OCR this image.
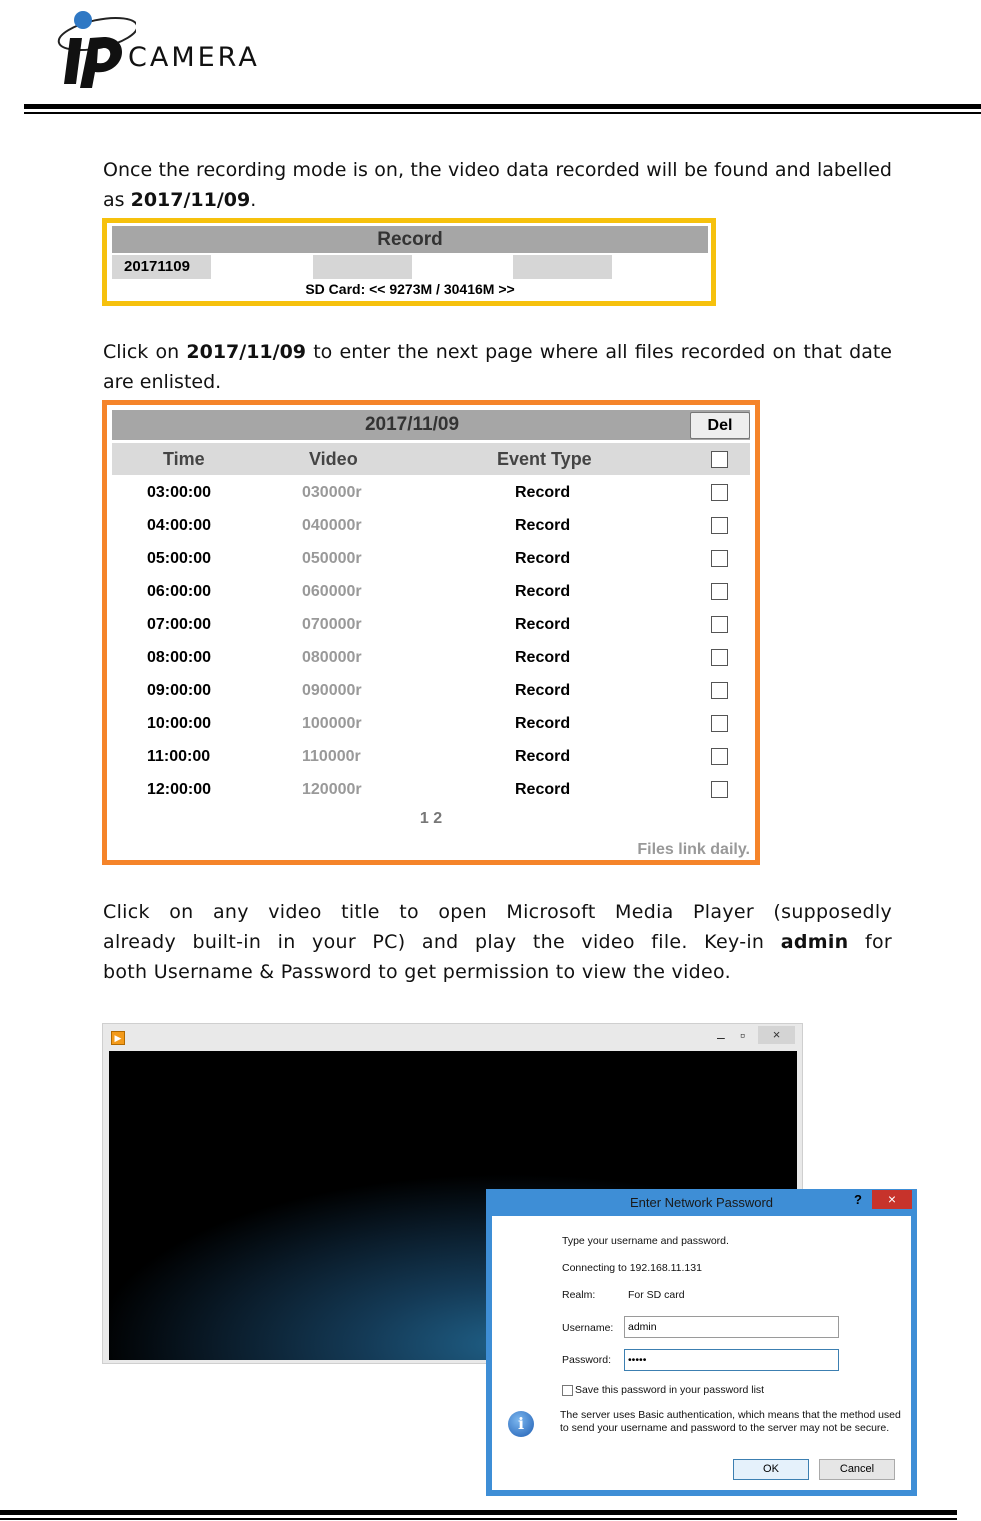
CAMERA
Once the recording mode is on, the video data recorded will be found and labelled as 2017/11/09.
Record
20171109
SD Card: << 9273M / 30416M >>
Click on 2017/11/09 to enter the next page where all files recorded on that date are enlisted.
2017/11/09	Del
Time	Video	Event Type
03:00:00	030000r	Record
04:00:00	040000r	Record
05:00:00	050000r	Record
06:00:00	060000r	Record
07:00:00	070000r	Record
08:00:00	080000r	Record
09:00:00	090000r	Record
10:00:00	100000r	Record
11:00:00	110000r	Record
12:00:00	120000r	Record
1 2
Files link daily.
Click on any video title to open Microsoft Media Player (supposedly
already built-in in your PC) and play the video file. Key-in admin for
both Username & Password to get permission to view the video.
▶	‒ ▫	×
Enter Network Password	?	×
Type your username and password.
Connecting to 192.168.11.131
Realm:	For SD card
Username:	admin
Password:	•••••
Save this password in your password list
i	The server uses Basic authentication, which means that the method used
to send your username and password to the server may not be secure.
OK	Cancel
